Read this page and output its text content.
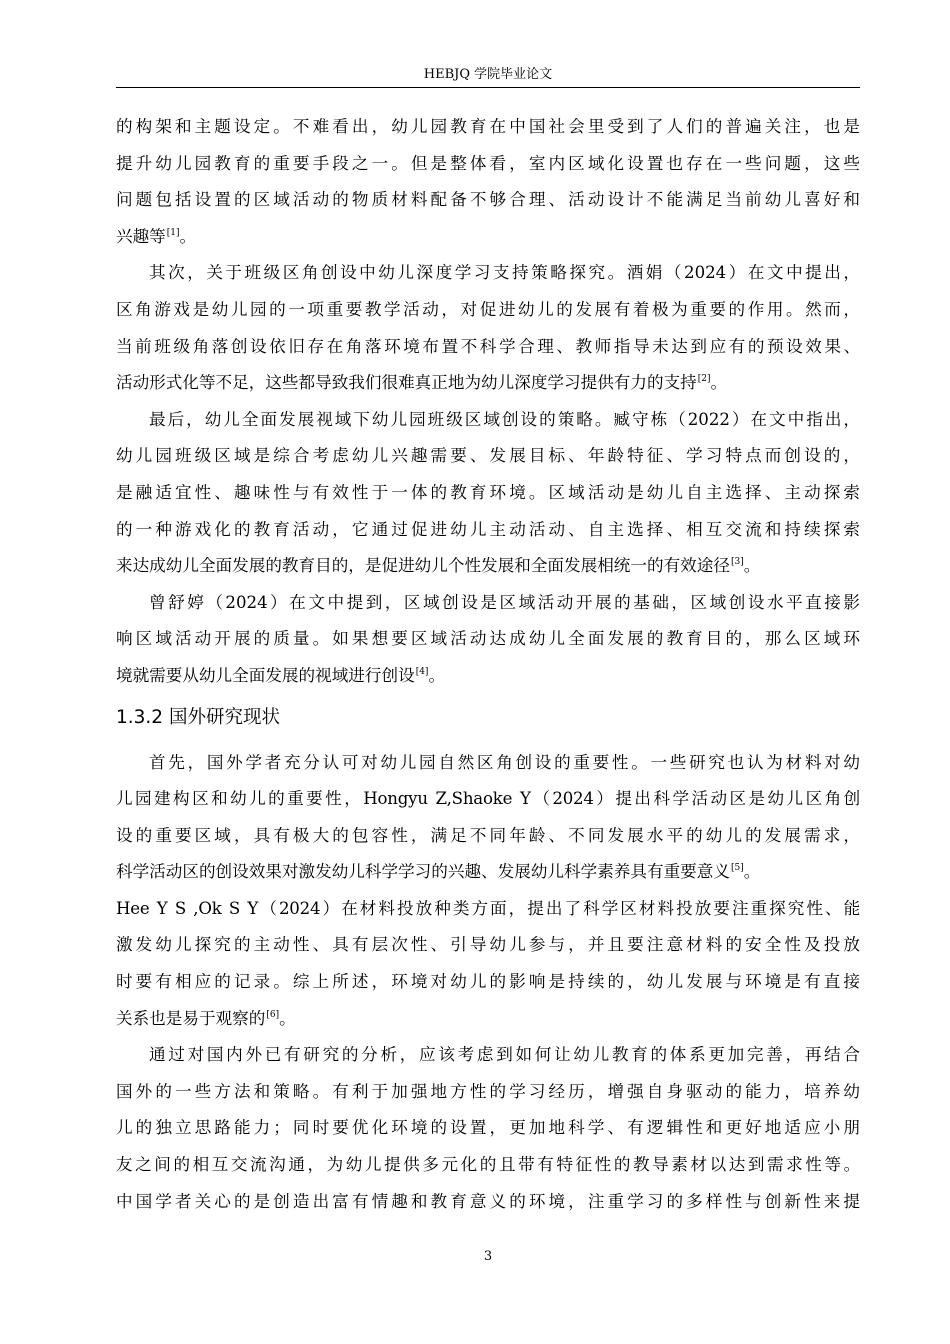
HEBJQ 学院毕业论文

的构架和主题设定。不难看出，幼儿园教育在中国社会里受到了人们的普遍关注，也是
提升幼儿园教育的重要手段之一。但是整体看，室内区域化设置也存在一些问题，这些
问题包括设置的区域活动的物质材料配备不够合理、活动设计不能满足当前幼儿喜好和
兴趣等[1]。

其次，关于班级区角创设中幼儿深度学习支持策略探究。酒娟（2024）在文中提出，
区角游戏是幼儿园的一项重要教学活动，对促进幼儿的发展有着极为重要的作用。然而，
当前班级角落创设依旧存在角落环境布置不科学合理、教师指导未达到应有的预设效果、
活动形式化等不足，这些都导致我们很难真正地为幼儿深度学习提供有力的支持[2]。

最后，幼儿全面发展视域下幼儿园班级区域创设的策略。臧守栋（2022）在文中指出，
幼儿园班级区域是综合考虑幼儿兴趣需要、发展目标、年龄特征、学习特点而创设的，
是融适宜性、趣味性与有效性于一体的教育环境。区域活动是幼儿自主选择、主动探索
的一种游戏化的教育活动，它通过促进幼儿主动活动、自主选择、相互交流和持续探索
来达成幼儿全面发展的教育目的，是促进幼儿个性发展和全面发展相统一的有效途径[3]。

曾舒婷（2024）在文中提到，区域创设是区域活动开展的基础，区域创设水平直接影
响区域活动开展的质量。如果想要区域活动达成幼儿全面发展的教育目的，那么区域环
境就需要从幼儿全面发展的视域进行创设[4]。

1.3.2 国外研究现状

首先，国外学者充分认可对幼儿园自然区角创设的重要性。一些研究也认为材料对幼
儿园建构区和幼儿的重要性，Hongyu Z,Shaoke Y（2024）提出科学活动区是幼儿区角创
设的重要区域，具有极大的包容性，满足不同年龄、不同发展水平的幼儿的发展需求，
科学活动区的创设效果对激发幼儿科学学习的兴趣、发展幼儿科学素养具有重要意义[5]。
Hee Y S ,Ok S Y（2024）在材料投放种类方面，提出了科学区材料投放要注重探究性、能
激发幼儿探究的主动性、具有层次性、引导幼儿参与，并且要注意材料的安全性及投放
时要有相应的记录。综上所述，环境对幼儿的影响是持续的，幼儿发展与环境是有直接
关系也是易于观察的[6]。

通过对国内外已有研究的分析，应该考虑到如何让幼儿教育的体系更加完善，再结合
国外的一些方法和策略。有利于加强地方性的学习经历，增强自身驱动的能力，培养幼
儿的独立思路能力；同时要优化环境的设置，更加地科学、有逻辑性和更好地适应小朋
友之间的相互交流沟通，为幼儿提供多元化的且带有特征性的教导素材以达到需求性等。
中国学者关心的是创造出富有情趣和教育意义的环境，注重学习的多样性与创新性来提

3
